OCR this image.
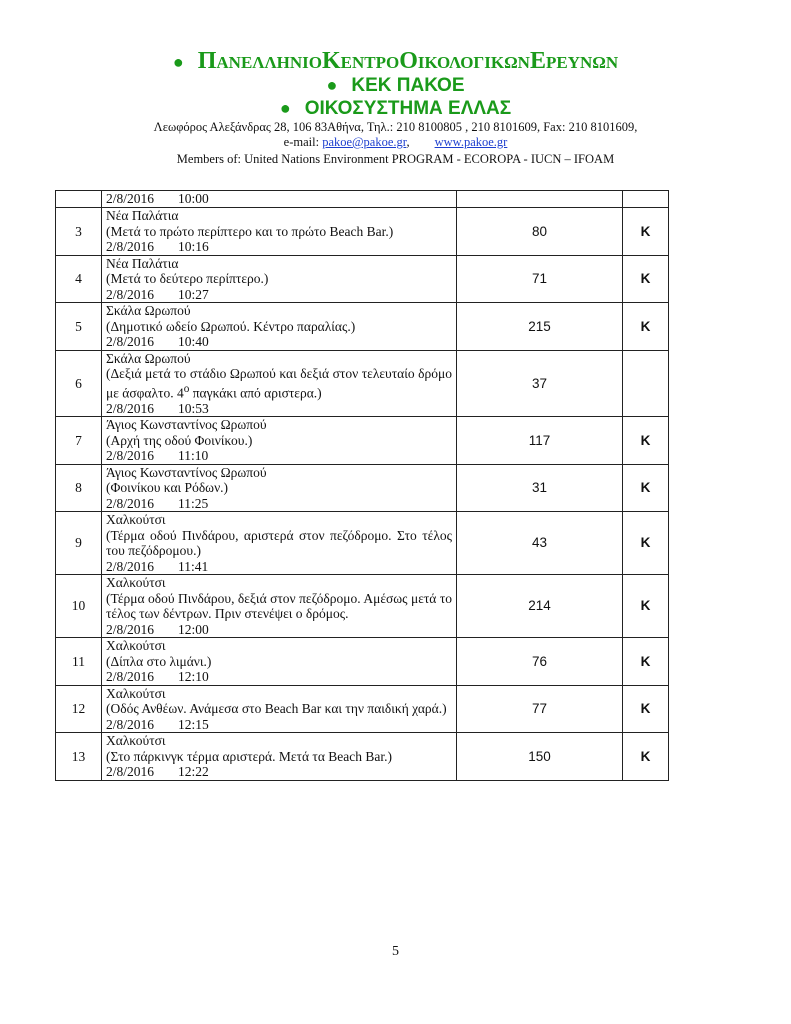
● ΠΑΝΕΛΛΗΝΙΟ ΚΕΝΤΡΟ ΟΙΚΟΛΟΓΙΚΩΝ ΕΡΕΥΝΩΝ
● ΚΕΚ ΠΑΚΟΕ
● ΟΙΚΟΣΥΣΤΗΜΑ ΕΛΛΑΣ
Λεωφόρος Αλεξάνδρας 28, 106 83Αθήνα, Τηλ.: 210 8100805 , 210 8101609, Fax: 210 8101609,
e-mail: pakoe@pakoe.gr, www.pakoe.gr
Members of: United Nations Environment PROGRAM - ECOROPA - IUCN – IFOAM
	2/8/2016 10:00		
3	Νέα Παλάτια
(Μετά το πρώτο περίπτερο και το πρώτο Beach Bar.)
2/8/2016 10:16	80	Κ
4	Νέα Παλάτια
(Μετά το δεύτερο περίπτερο.)
2/8/2016 10:27	71	Κ
5	Σκάλα Ωρωπού
(Δημοτικό ωδείο Ωρωπού. Κέντρο παραλίας.)
2/8/2016 10:40	215	Κ
6	Σκάλα Ωρωπού
(Δεξιά μετά το στάδιο Ωρωπού και δεξιά στον τελευταίο δρόμο με άσφαλτο. $4^o$ παγκάκι από αριστερα.)
2/8/2016 10:53	37	
7	Άγιος Κωνσταντίνος Ωρωπού
(Αρχή της οδού Φοινίκου.)
2/8/2016 11:10	117	Κ
8	Άγιος Κωνσταντίνος Ωρωπού
(Φοινίκου και Ρόδων.)
2/8/2016 11:25	31	Κ
9	Χαλκούτσι
(Τέρμα οδού Πινδάρου, αριστερά στον πεζόδρομο. Στο τέλος του πεζόδρομου.)
2/8/2016 11:41	43	Κ
10	Χαλκούτσι
(Τέρμα οδού Πινδάρου, δεξιά στον πεζόδρομο. Αμέσως μετά το τέλος των δέντρων. Πριν στενέψει ο δρόμος.
2/8/2016 12:00	214	Κ
11	Χαλκούτσι
(Δίπλα στο λιμάνι.)
2/8/2016 12:10	76	Κ
12	Χαλκούτσι
(Οδός Ανθέων. Ανάμεσα στο Beach Bar και την παιδική χαρά.)
2/8/2016 12:15	77	Κ
13	Χαλκούτσι
(Στο πάρκινγκ τέρμα αριστερά. Μετά τα Beach Bar.)
2/8/2016 12:22	150	Κ
5
